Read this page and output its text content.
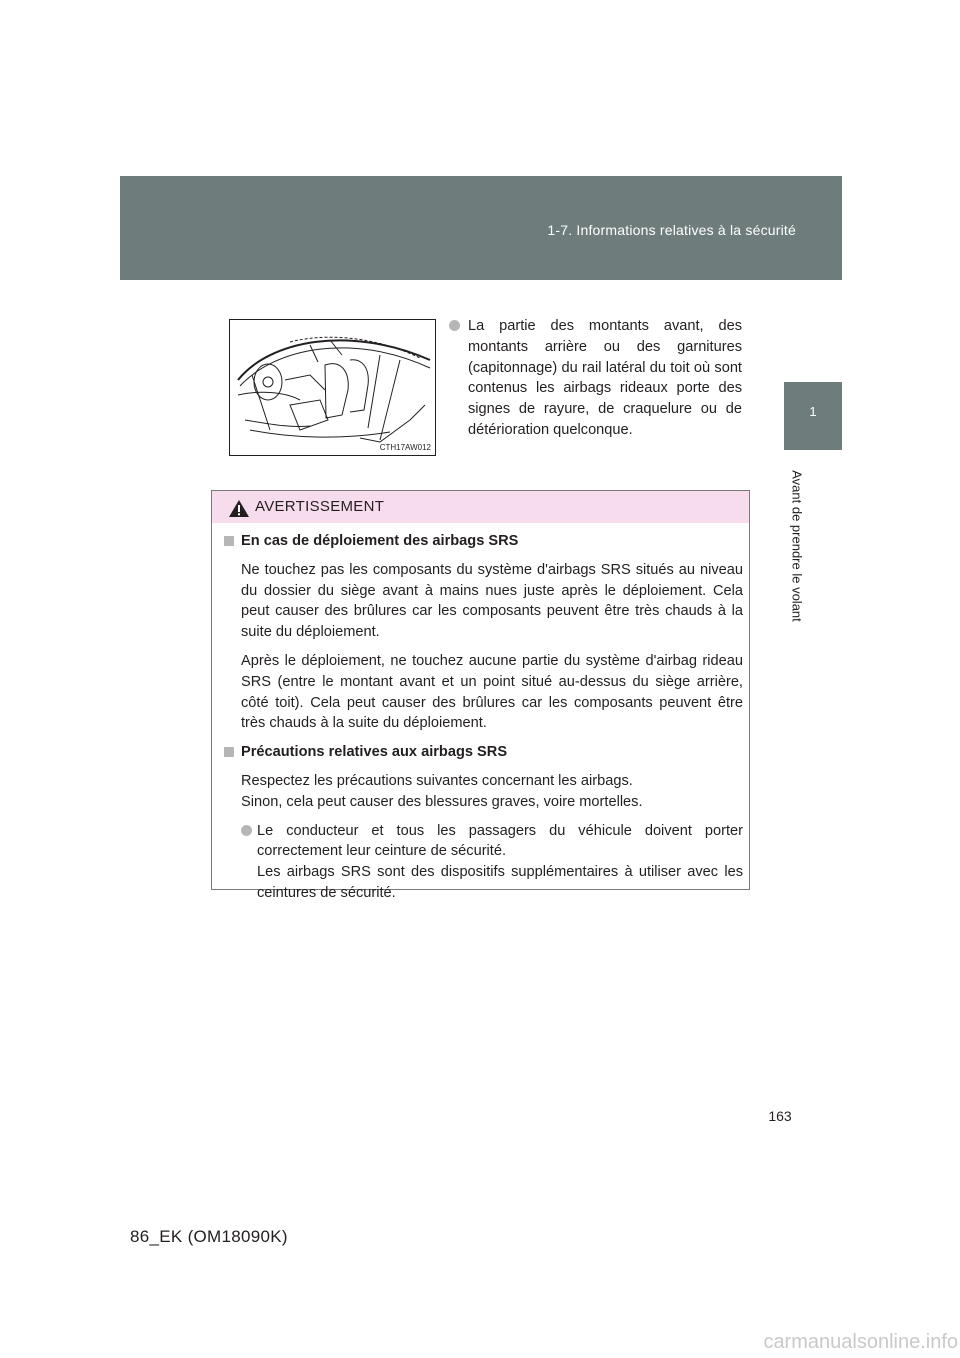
1-7. Informations relatives à la sécurité
1
Avant de prendre le volant
CTH17AW012
La partie des montants avant, des montants arrière ou des garnitures (capitonnage) du rail latéral du toit où sont contenus les airbags rideaux porte des signes de rayure, de craquelure ou de détérioration quelconque.
AVERTISSEMENT
En cas de déploiement des airbags SRS
Ne touchez pas les composants du système d'airbags SRS situés au niveau du dossier du siège avant à mains nues juste après le déploiement. Cela peut causer des brûlures car les composants peuvent être très chauds à la suite du déploiement.
Après le déploiement, ne touchez aucune partie du système d'airbag rideau SRS (entre le montant avant et un point situé au-dessus du siège arrière, côté toit). Cela peut causer des brûlures car les composants peuvent être très chauds à la suite du déploiement.
Précautions relatives aux airbags SRS
Respectez les précautions suivantes concernant les airbags.
Sinon, cela peut causer des blessures graves, voire mortelles.
Le conducteur et tous les passagers du véhicule doivent porter correctement leur ceinture de sécurité.
Les airbags SRS sont des dispositifs supplémentaires à utiliser avec les ceintures de sécurité.
163
86_EK (OM18090K)
carmanualsonline.info
